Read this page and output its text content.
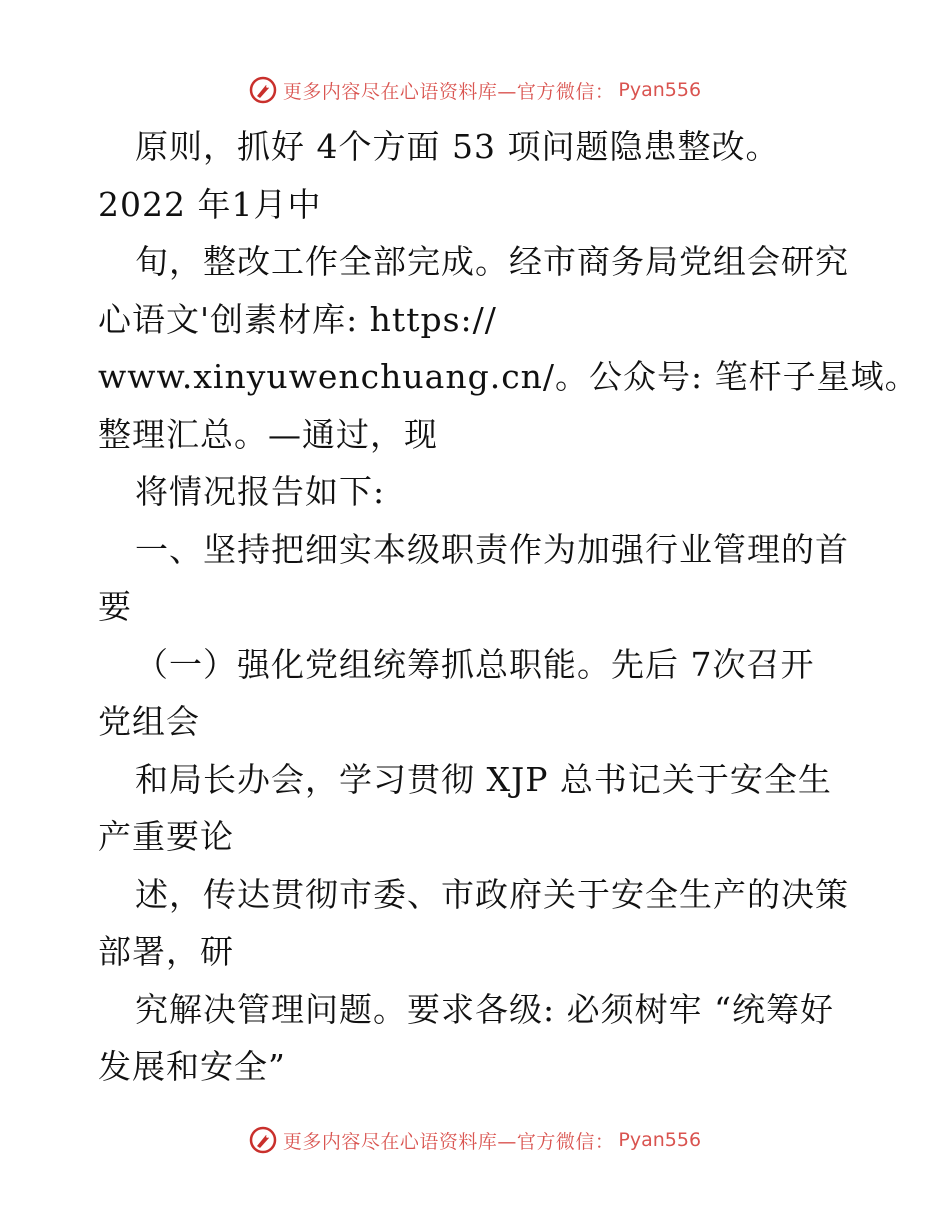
更多内容尽在心语资料库—官方微信： Pyan556
原则，抓好 4个方面 53 项问题隐患整改。
2022 年1月中
旬，整改工作全部完成。经市商务局党组会研究
心语文'创素材库: https://
www.xinyuwenchuang.cn/。公众号: 笔杆子星域。
整理汇总。—通过，现
将情况报告如下:
一、坚持把细实本级职责作为加强行业管理的首
要
（一）强化党组统筹抓总职能。先后 7次召开
党组会
和局长办会，学习贯彻 XJP 总书记关于安全生
产重要论
述，传达贯彻市委、市政府关于安全生产的决策
部署，研
究解决管理问题。要求各级: 必须树牢 “统筹好
发展和安全”
更多内容尽在心语资料库—官方微信： Pyan556
